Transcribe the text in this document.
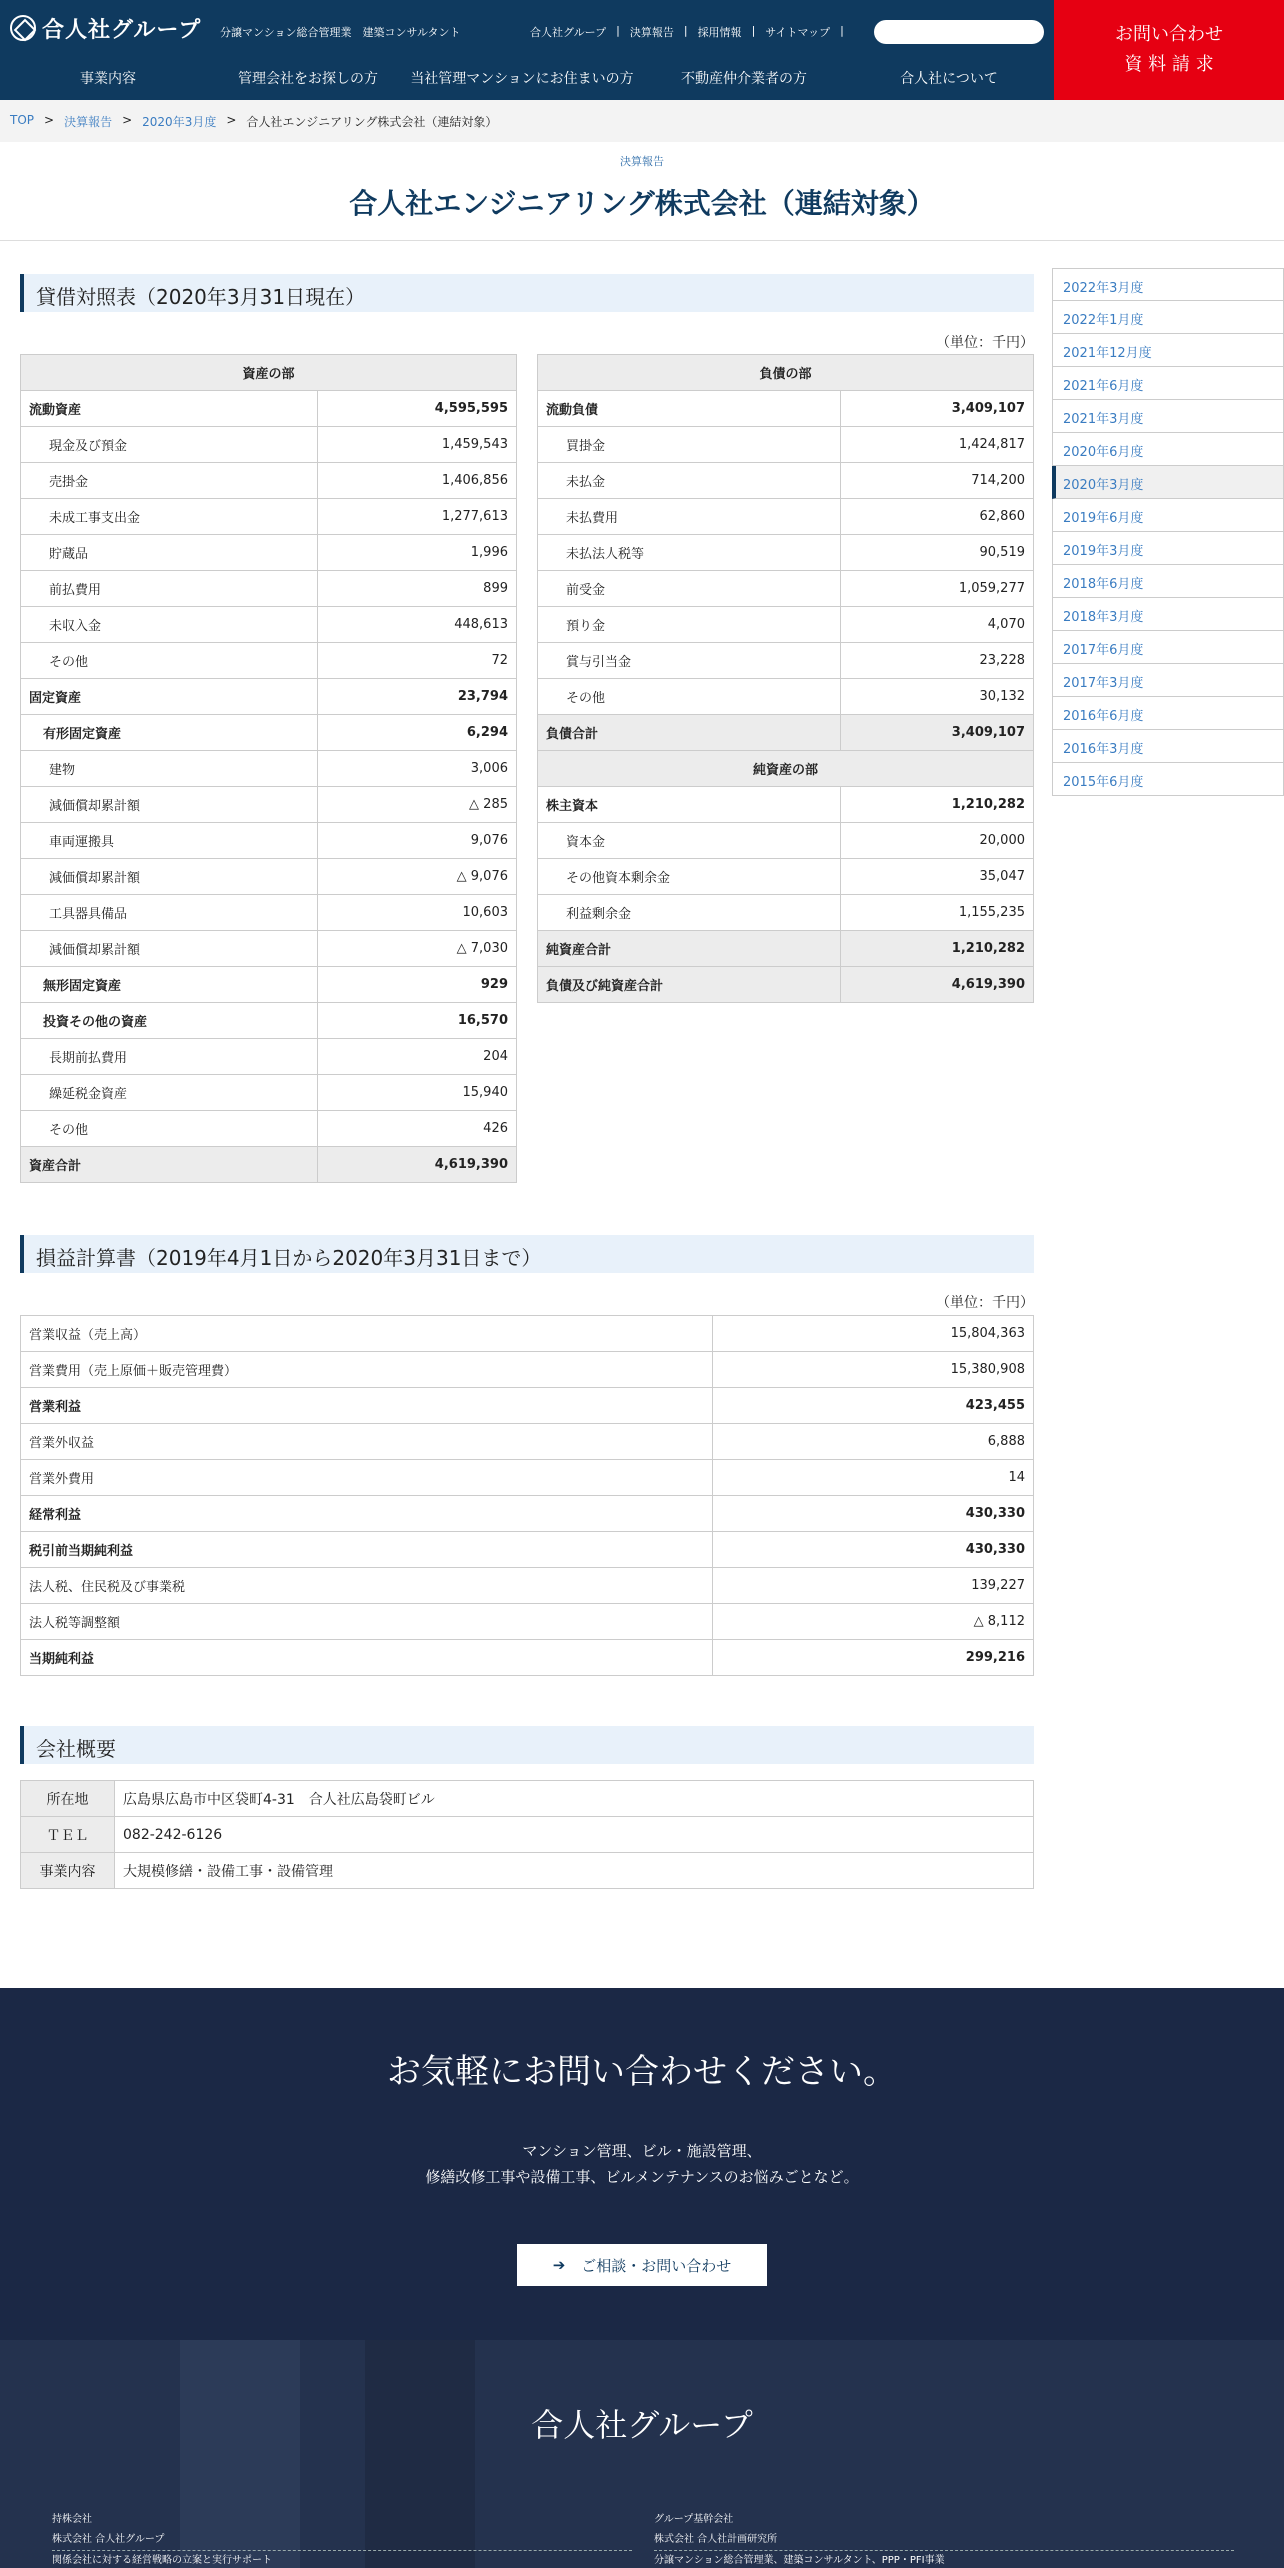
合人社グループ 分譲マンション総合管理業　建築コンサルタント	合人社グループ | 決算報告 | 採用情報 | サイトマップ |
事業内容	管理会社をお探しの方	当社管理マンションにお住まいの方	不動産仲介業者の方	合人社について
お問い合わせ
資 料 請 求
TOP > 決算報告 > 2020年3月度 > 合人社エンジニアリング株式会社（連結対象）
決算報告
合人社エンジニアリング株式会社（連結対象）
貸借対照表（2020年3月31日現在）
（単位：千円）
資産の部	
流動資産	4,595,595
現金及び預金	1,459,543
売掛金	1,406,856
未成工事支出金	1,277,613
貯蔵品	1,996
前払費用	899
未収入金	448,613
その他	72
固定資産	23,794
有形固定資産	6,294
建物	3,006
減価償却累計額	△ 285
車両運搬具	9,076
減価償却累計額	△ 9,076
工具器具備品	10,603
減価償却累計額	△ 7,030
無形固定資産	929
投資その他の資産	16,570
長期前払費用	204
繰延税金資産	15,940
その他	426
資産合計	4,619,390
負債の部	
流動負債	3,409,107
買掛金	1,424,817
未払金	714,200
未払費用	62,860
未払法人税等	90,519
前受金	1,059,277
預り金	4,070
賞与引当金	23,228
その他	30,132
負債合計	3,409,107
純資産の部	
株主資本	1,210,282
資本金	20,000
その他資本剰余金	35,047
利益剰余金	1,155,235
純資産合計	1,210,282
負債及び純資産合計	4,619,390
2022年3月度
2022年1月度
2021年12月度
2021年6月度
2021年3月度
2020年6月度
2020年3月度
2019年6月度
2019年3月度
2018年6月度
2018年3月度
2017年6月度
2017年3月度
2016年6月度
2016年3月度
2015年6月度
損益計算書（2019年4月1日から2020年3月31日まで）
（単位：千円）
営業収益（売上高）	15,804,363
営業費用（売上原価＋販売管理費）	15,380,908
営業利益	423,455
営業外収益	6,888
営業外費用	14
経常利益	430,330
税引前当期純利益	430,330
法人税、住民税及び事業税	139,227
法人税等調整額	△ 8,112
当期純利益	299,216
会社概要
所在地	広島県広島市中区袋町4-31　合人社広島袋町ビル
ＴＥＬ	082-242-6126
事業内容	大規模修繕・設備工事・設備管理
お気軽にお問い合わせください。

マンション管理、ビル・施設管理、

修繕改修工事や設備工事、ビルメンテナンスのお悩みごとなど。

➔ ご相談・お問い合わせ
合人社グループ
持株会社
株式会社 合人社グループ
関係会社に対する経営戦略の立案と実行サポート
グループ基幹会社
株式会社 合人社計画研究所
分譲マンション総合管理業、建築コンサルタント、PPP・PFI事業
